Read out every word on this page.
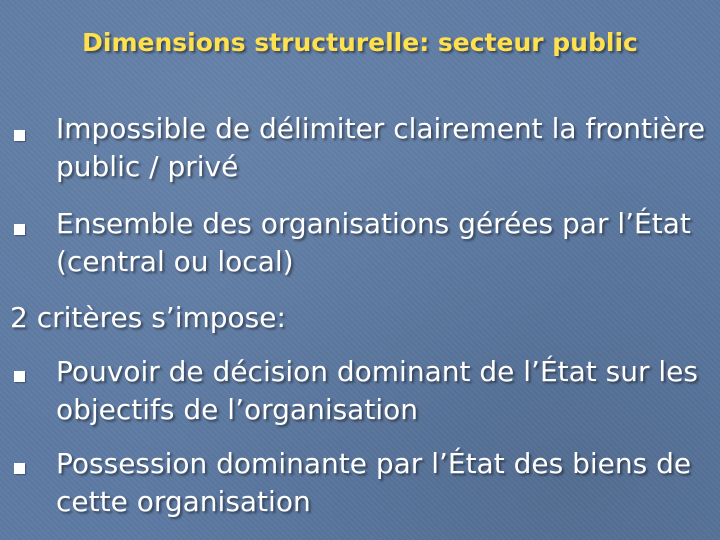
Dimensions structurelle: secteur public
Impossible de délimiter clairement la frontière public / privé
Ensemble des organisations gérées par l’État (central ou local)
2 critères s’impose:
Pouvoir de décision dominant de l’État sur les objectifs de l’organisation
Possession dominante par l’État des biens de cette organisation
